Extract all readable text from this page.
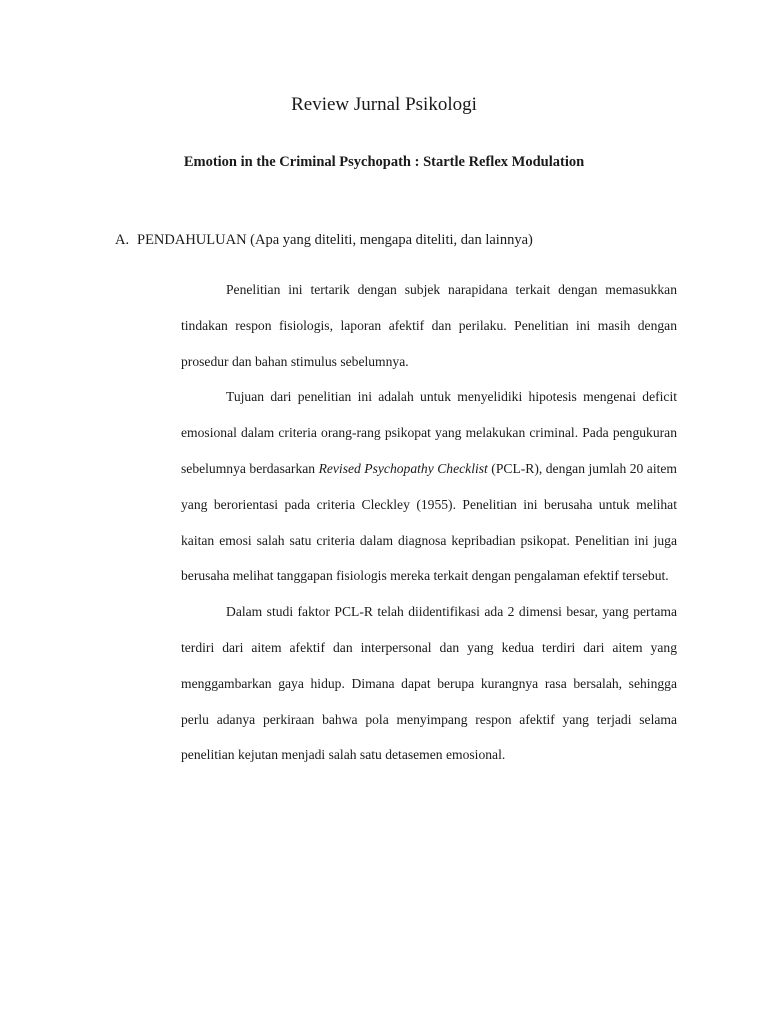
Review Jurnal Psikologi
Emotion in the Criminal Psychopath : Startle Reflex Modulation
A. PENDAHULUAN (Apa yang diteliti, mengapa diteliti, dan lainnya)

Penelitian ini tertarik dengan subjek narapidana terkait dengan memasukkan tindakan respon fisiologis, laporan afektif dan perilaku. Penelitian ini masih dengan prosedur dan bahan stimulus sebelumnya.

Tujuan dari penelitian ini adalah untuk menyelidiki hipotesis mengenai deficit emosional dalam criteria orang-rang psikopat yang melakukan criminal. Pada pengukuran sebelumnya berdasarkan Revised Psychopathy Checklist (PCL-R), dengan jumlah 20 aitem yang berorientasi pada criteria Cleckley (1955). Penelitian ini berusaha untuk melihat kaitan emosi salah satu criteria dalam diagnosa kepribadian psikopat. Penelitian ini juga berusaha melihat tanggapan fisiologis mereka terkait dengan pengalaman efektif tersebut.

Dalam studi faktor PCL-R telah diidentifikasi ada 2 dimensi besar, yang pertama terdiri dari aitem afektif dan interpersonal dan yang kedua terdiri dari aitem yang menggambarkan gaya hidup. Dimana dapat berupa kurangnya rasa bersalah, sehingga perlu adanya perkiraan bahwa pola menyimpang respon afektif yang terjadi selama penelitian kejutan menjadi salah satu detasemen emosional.
